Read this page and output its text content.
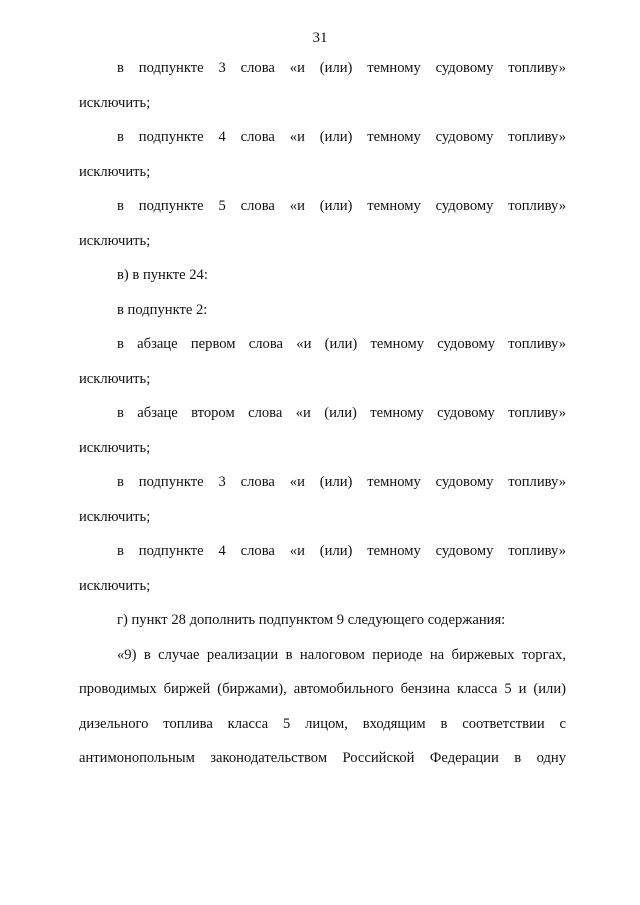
31
в подпункте 3 слова «и (или) темному судовому топливу»
исключить;
в подпункте 4 слова «и (или) темному судовому топливу»
исключить;
в подпункте 5 слова «и (или) темному судовому топливу»
исключить;
в) в пункте 24:
в подпункте 2:
в абзаце первом слова «и (или) темному судовому топливу»
исключить;
в абзаце втором слова «и (или) темному судовому топливу»
исключить;
в подпункте 3 слова «и (или) темному судовому топливу»
исключить;
в подпункте 4 слова «и (или) темному судовому топливу»
исключить;
г) пункт 28 дополнить подпунктом 9 следующего содержания:
«9) в случае реализации в налоговом периоде на биржевых торгах,
проводимых биржей (биржами), автомобильного бензина класса 5 и (или)
дизельного топлива класса 5 лицом, входящим в соответствии с
антимонопольным законодательством Российской Федерации в одну
